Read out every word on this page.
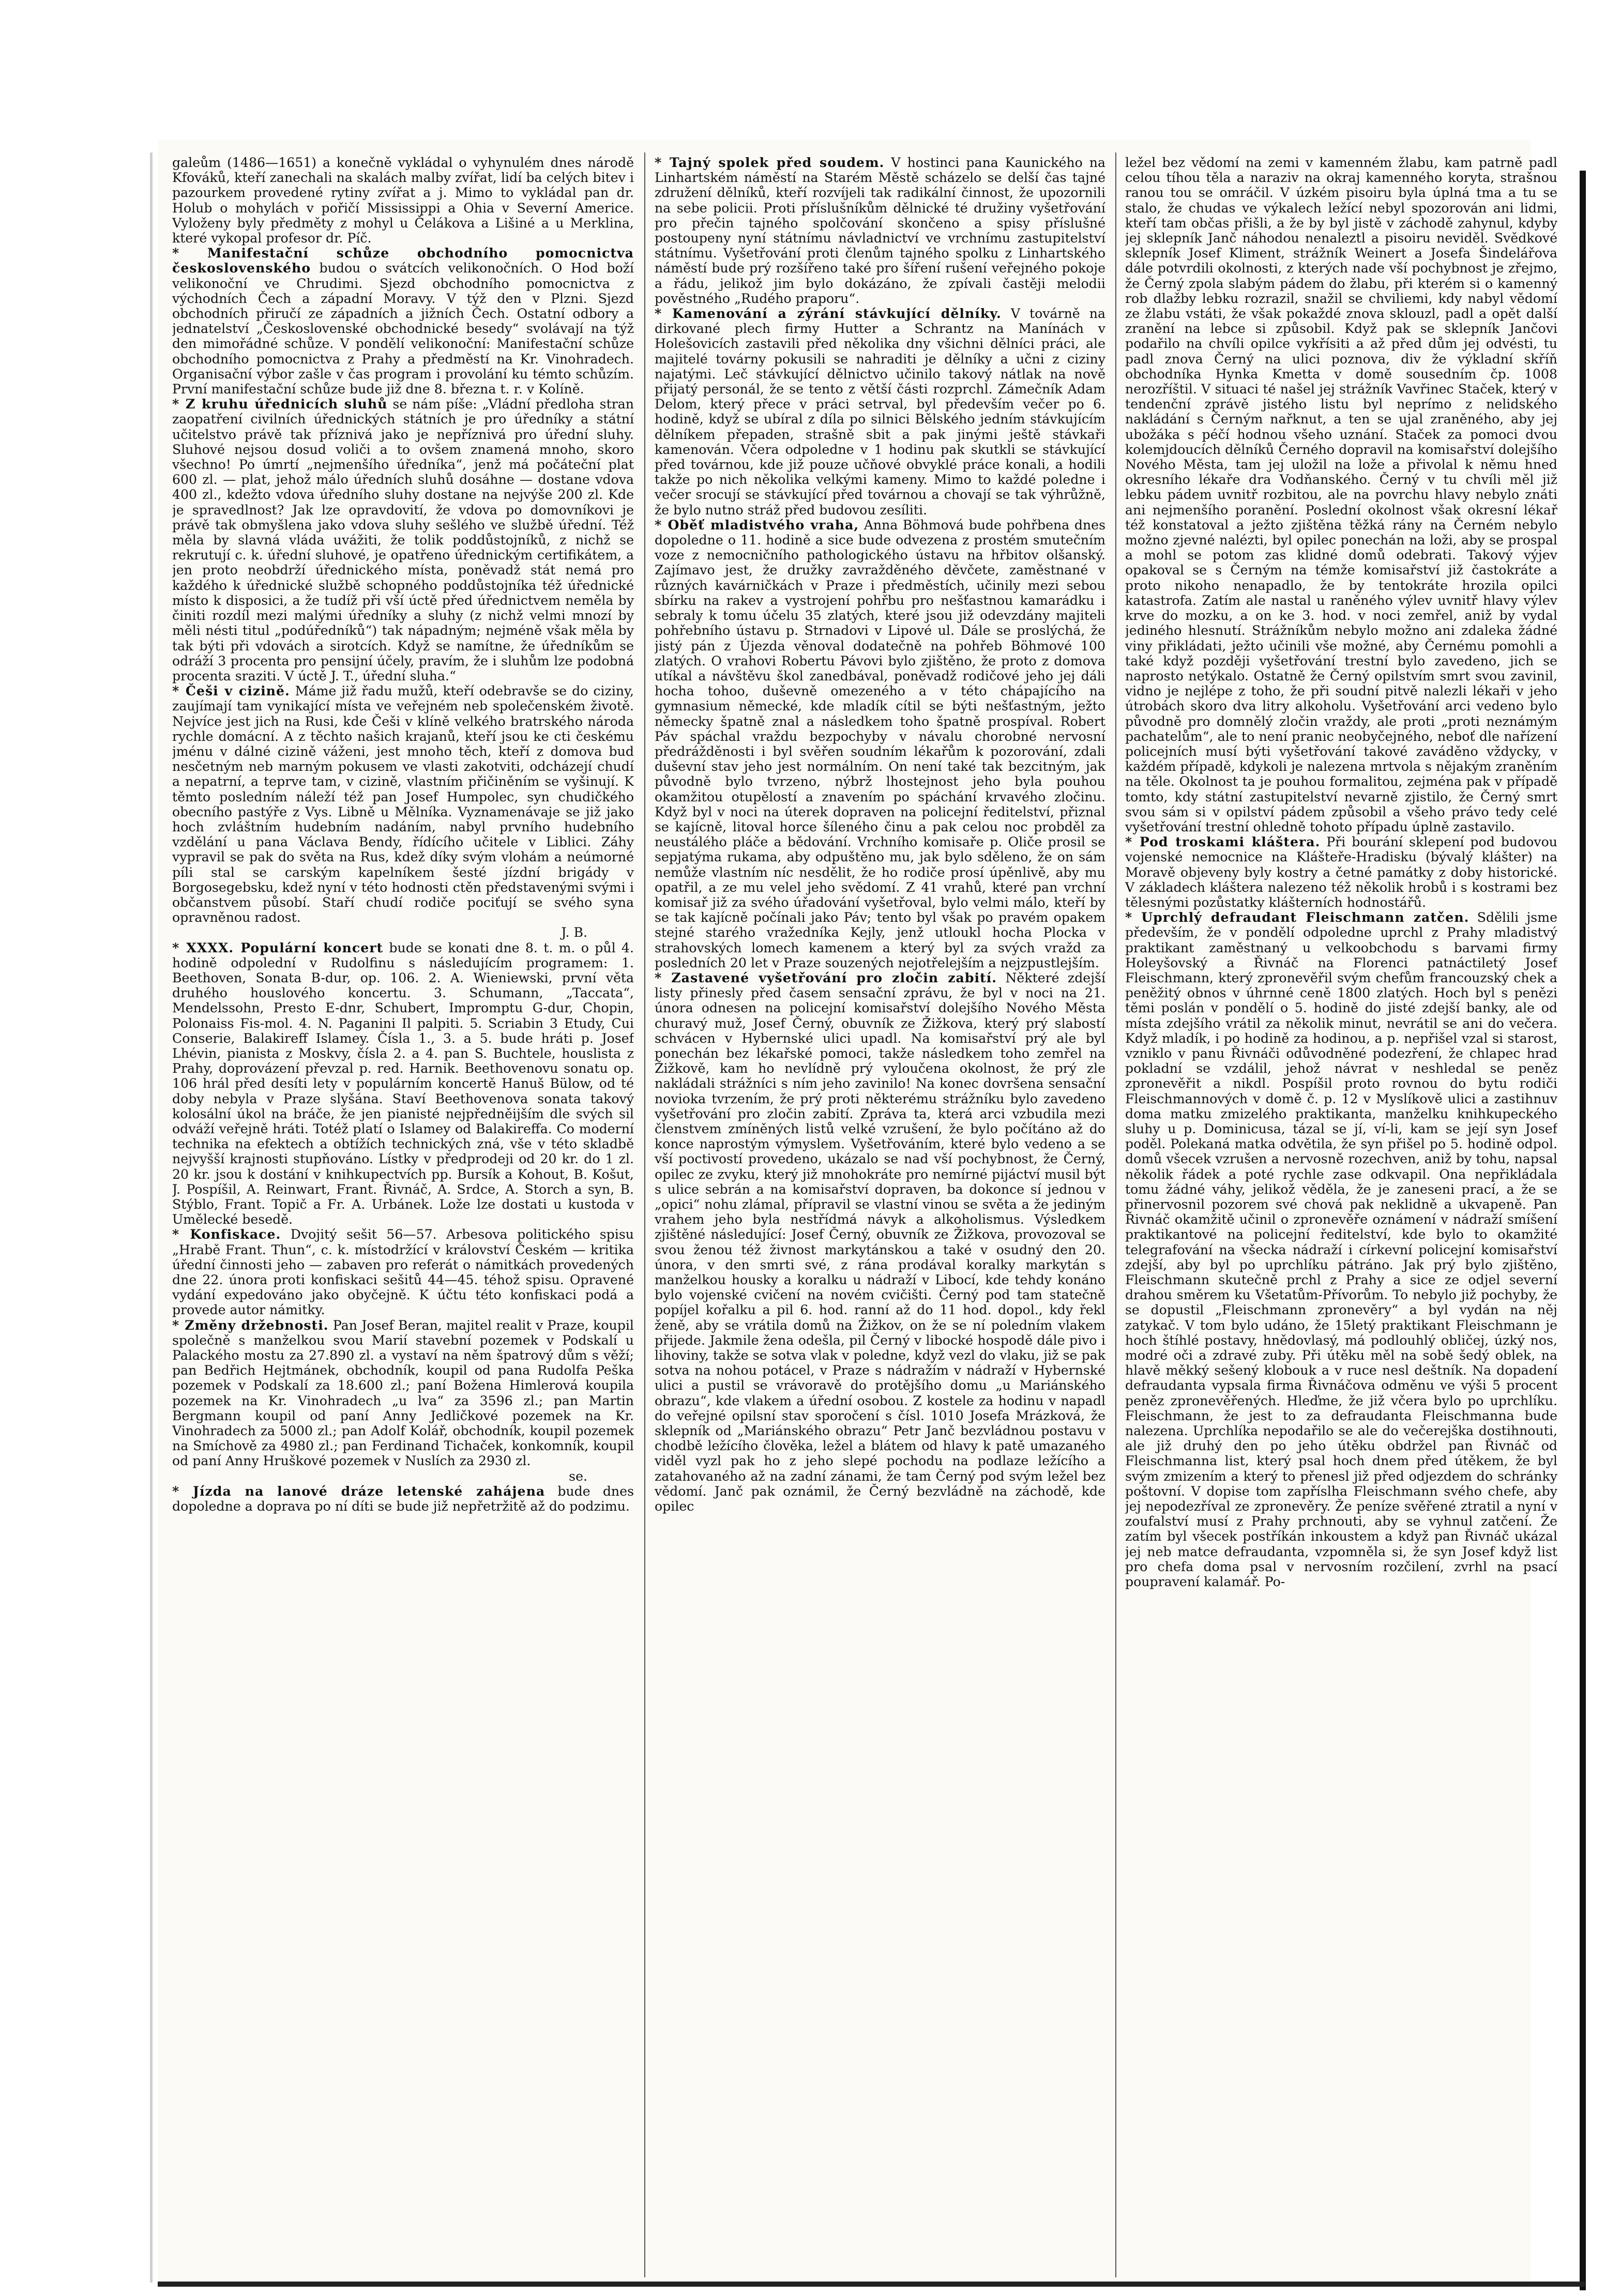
galeům (1486—1651) a konečně vykládal o vyhynulém dnes národě Kfováků, kteří zanechali na skalách malby zvířat, lidí ba celých bitev i pazourkem provedené rytiny zvířat a j. Mimo to vykládal pan dr. Holub o mohylách v pořičí Mississippi a Ohia v Severní Americe. Vyloženy byly předměty z mohyl u Čelákova a Lišiné a u Merklina, které vykopal profesor dr. Píč.

* Manifestační schůze obchodního pomocnictva československého budou o svátcích velikonočních. O Hod boží velikonoční ve Chrudimi. Sjezd obchodního pomocnictva z východních Čech a západní Moravy. V týž den v Plzni. Sjezd obchodních přiručí ze západních a jižních Čech. Ostatní odbory a jednatelství „Československé obchodnické besedy“ svolávají na týž den mimořádné schůze. V pondělí velikonoční: Manifestační schůze obchodního pomocnictva z Prahy a předměstí na Kr. Vinohradech. Organisační výbor zašle v čas program i provolání ku témto schůzím. První manifestační schůze bude již dne 8. března t. r. v Kolíně.

* Z kruhu úřednicích sluhů se nám píše: „Vládní předloha stran zaopatření civilních úřednických státních je pro úředníky a státní učitelstvo právě tak příznivá jako je nepříznivá pro úřední sluhy. Sluhové nejsou dosud voliči a to ovšem znamená mnoho, skoro všechno! Po úmrtí „nejmenšího úředníka“, jenž má počáteční plat 600 zl. — plat, jehož málo úředních sluhů dosáhne — dostane vdova 400 zl., kdežto vdova úředního sluhy dostane na nejvýše 200 zl. Kde je spravedlnost? Jak lze opravdovití, že vdova po domovníkovi je právě tak obmyšlena jako vdova sluhy sešlého ve službě úřední. Též měla by slavná vláda uvážiti, že tolik poddůstojníků, z nichž se rekrutují c. k. úřední sluhové, je opatřeno úřednickým certifikátem, a jen proto neobdrží úřednického místa, poněvadž stát nemá pro každého k úřednické službě schopného poddůstojníka též úřednické místo k disposici, a že tudíž při vší úctě před úřednictvem neměla by činiti rozdíl mezi malými úředníky a sluhy (z nichž velmi mnozí by měli nésti titul „podúředníků“) tak nápadným; nejméně však měla by tak býti při vdovách a sirotcích. Když se namítne, že úředníkům se odráží 3 procenta pro pensijní účely, pravím, že i sluhům lze podobná procenta sraziti. V úctě J. T., úřední sluha.“

* Češi v cizině. Máme již řadu mužů, kteří odebravše se do ciziny, zaujímají tam vynikající místa ve veřejném neb společenském životě. Nejvíce jest jich na Rusi, kde Češi v klíně velkého bratrského národa rychle domácní. A z těchto našich krajanů, kteří jsou ke cti českému jménu v dálné cizině váženi, jest mnoho těch, kteří z domova bud nesčetným neb marným pokusem ve vlasti zakotviti, odcházejí chudí a nepatrní, a teprve tam, v cizině, vlastním přičiněním se vyšinují. K těmto posledním náleží též pan Josef Humpolec, syn chudičkého obecního pastýře z Vys. Libně u Mělníka. Vyznamenávaje se již jako hoch zvláštním hudebním nadáním, nabyl prvního hudebního vzdělání u pana Václava Bendy, řídícího učitele v Liblici. Záhy vypravil se pak do světa na Rus, kdež díky svým vlohám a neúmorné píli stal se carským kapelníkem šesté jízdní brigády v Borgosegebsku, kdež nyní v této hodnosti ctěn představenými svými i občanstvem působí. Staří chudí rodiče pociťují se svého syna opravněnou radost.
J. B.

* XXXX. Populární koncert bude se konati dne 8. t. m. o půl 4. hodině odpolední v Rudolfinu s následujícím programem: 1. Beethoven, Sonata B-dur, op. 106. 2. A. Wieniewski, první věta druhého houslového koncertu. 3. Schumann, „Taccata“, Mendelssohn, Presto E-dnr, Schubert, Impromptu G-dur, Chopin, Polonaiss Fis-mol. 4. N. Paganini Il palpiti. 5. Scriabin 3 Etudy, Cui Conserie, Balakireff Islamey. Čísla 1., 3. a 5. bude hráti p. Josef Lhévin, pianista z Moskvy, čísla 2. a 4. pan S. Buchtele, houslista z Prahy, doprovázení převzal p. red. Harnik. Beethovenovu sonatu op. 106 hrál před desíti lety v populárním koncertě Hanuš Bülow, od té doby nebyla v Praze slyšána. Staví Beethovenova sonata takový kolosální úkol na bráče, že jen pianisté nejpředněijším dle svých sil odváží veřejně hráti. Totéž platí o Islamey od Balakireffa. Co moderní technika na efektech a obtížích technických zná, vše v této skladbě nejvyšší krajnosti stupňováno. Lístky v předprodeji od 20 kr. do 1 zl. 20 kr. jsou k dostání v knihkupectvích pp. Bursík a Kohout, B. Košut, J. Pospíšil, A. Reinwart, Frant. Řivnáč, A. Srdce, A. Storch a syn, B. Stýblo, Frant. Topič a Fr. A. Urbánek. Lože lze dostati u kustoda v Umělecké besedě.

* Konfiskace. Dvojitý sešit 56—57. Arbesova politického spisu „Hrabě Frant. Thun“, c. k. místodržící v království Českém — kritika úřední činnosti jeho — zabaven pro referát o námitkách provedených dne 22. února proti konfiskaci sešitů 44—45. téhož spisu. Opravené vydání expedováno jako obyčejně. K účtu této konfiskaci podá a provede autor námitky.

* Změny držebnosti. Pan Josef Beran, majitel realit v Praze, koupil společně s manželkou svou Marií stavební pozemek v Podskalí u Palackého mostu za 27.890 zl. a vystaví na něm špatrový dům s věží; pan Bedřich Hejtmánek, obchodník, koupil od pana Rudolfa Peška pozemek v Podskalí za 18.600 zl.; paní Božena Himlerová koupila pozemek na Kr. Vinohradech „u lva“ za 3596 zl.; pan Martin Bergmann koupil od paní Anny Jedličkové pozemek na Kr. Vinohradech za 5000 zl.; pan Adolf Kolář, obchodník, koupil pozemek na Smíchově za 4980 zl.; pan Ferdinand Tichaček, konkomník, koupil od paní Anny Hruškové pozemek v Nuslích za 2930 zl.
se.

* Jízda na lanové dráze letenské zahájena bude dnes dopoledne a doprava po ní díti se bude již nepřetržitě až do podzimu.

* Tajný spolek před soudem. V hostinci pana Kaunického na Linhartském náměstí na Starém Městě scházelo se delší čas tajné združení dělníků, kteří rozvíjeli tak radikální činnost, že upozornili na sebe policii. Proti příslušníkům dělnické té družiny vyšetřování pro přečin tajného spolčování skončeno a spisy příslušné postoupeny nyní státnímu návladnictví ve vrchnímu zastupitelství státnímu. Vyšetřování proti členům tajného spolku z Linhartského náměstí bude prý rozšířeno také pro šíření rušení veřejného pokoje a řádu, jelikož jim bylo dokázáno, že zpívali častěji melodii pověstného „Rudého praporu“.

* Kamenování a zýrání stávkující dělníky. V továrně na dirkované plech firmy Hutter a Schrantz na Manínách v Holešovicích zastavili před několika dny všichni dělníci práci, ale majitelé továrny pokusili se nahraditi je dělníky a učni z ciziny najatými. Leč stávkující dělnictvo učinilo takový nátlak na nově přijatý personál, že se tento z větší části rozprchl. Zámečník Adam Delom, který přece v práci setrval, byl především večer po 6. hodině, když se ubíral z díla po silnici Bělského jedním stávkujícím dělníkem přepaden, strašně sbit a pak jinými ještě stávkaři kamenován. Včera odpoledne v 1 hodinu pak skutkli se stávkující před továrnou, kde již pouze učňové obvyklé práce konali, a hodili takže po nich několika velkými kameny. Mimo to každé poledne i večer srocují se stávkující před továrnou a chovají se tak výhrůžně, že bylo nutno stráž před budovou zesíliti.

* Oběť mladistvého vraha, Anna Böhmová bude pohřbena dnes dopoledne o 11. hodině a sice bude odvezena z prostém smutečním voze z nemocničního pathologického ústavu na hřbitov olšanský. Zajímavo jest, že družky zavražděného děvčete, zaměstnané v různých kavárničkách v Praze i předměstích, učinily mezi sebou sbírku na rakev a vystrojení pohřbu pro nešťastnou kamarádku i sebraly k tomu účelu 35 zlatých, které jsou již odevzdány majiteli pohřebního ústavu p. Strnadovi v Lipové ul. Dále se proslýchá, že jistý pán z Újezda věnoval dodatečně na pohřeb Böhmové 100 zlatých. O vrahovi Robertu Pávovi bylo zjištěno, že proto z domova utíkal a návštěvu škol zanedbával, poněvadž rodičové jeho jej dáli hocha tohoo, duševně omezeného a v této chápajícího na gymnasium německé, kde mladík cítil se býti nešťastným, ježto německy špatně znal a následkem toho špatně prospíval. Robert Páv spáchal vraždu bezpochyby v návalu chorobné nervosní předrážděnosti i byl svěřen soudním lékařům k pozorování, zdali duševní stav jeho jest normálním. On není také tak bezcitným, jak původně bylo tvrzeno, nýbrž lhostejnost jeho byla pouhou okamžitou otupělostí a znavením po spáchání krvavého zločinu. Když byl v noci na úterek dopraven na policejní ředitelství, přiznal se kajícně, litoval horce šíleného činu a pak celou noc probděl za neustálého pláče a bědování. Vrchního komisaře p. Oliče prosil se sepjatýma rukama, aby odpuštěno mu, jak bylo sděleno, že on sám nemůže vlastním níc nesdělit, že ho rodiče prosí úpěnlivě, aby mu opatřil, a ze mu velel jeho svědomí. Z 41 vrahů, které pan vrchní komisař již za svého úřadování vyšetřoval, bylo velmi málo, kteří by se tak kajícně počínali jako Páv; tento byl však po pravém opakem stejné starého vražedníka Kejly, jenž utloukl hocha Plocka v strahovských lomech kamenem a který byl za svých vražd za posledních 20 let v Praze souzených nejotřelejším a nejzpustlejším.

* Zastavené vyšetřování pro zločin zabití. Některé zdejší listy přinesly před časem sensační zprávu, že byl v noci na 21. února odnesen na policejní komisařství dolejšího Nového Města churavý muž, Josef Černý, obuvník ze Žižkova, který prý slabostí schvácen v Hybernské ulici upadl. Na komisařství prý ale byl ponechán bez lékařské pomoci, takže následkem toho zemřel na Žižkově, kam ho nevlídně prý vyloučena okolnost, že prý zle nakládali strážníci s ním jeho zavinilo! Na konec dovršena sensační novioka tvrzením, že prý proti některému strážníku bylo zavedeno vyšetřování pro zločin zabití. Zpráva ta, která arci vzbudila mezi členstvem zmíněných listů velké vzrušení, že bylo počítáno až do konce naprostým výmyslem. Vyšetřováním, které bylo vedeno a se vší poctivostí provedeno, ukázalo se nad vší pochybnost, že Černý, opilec ze zvyku, který již mnohokráte pro nemírné pijáctví musil být s ulice sebrán a na komisařství dopraven, ba dokonce sí jednou v „opici“ nohu zlámal, přípravil se vlastní vinou se světa a že jediným vrahem jeho byla nestřídmá návyk a alkoholismus. Výsledkem zjištěné následující: Josef Černý, obuvník ze Žižkova, provozoval se svou ženou též živnost markytánskou a také v osudný den 20. února, v den smrti své, z rána prodával koralky markytán s manželkou housky a koralku u nádraží v Libocí, kde tehdy konáno bylo vojenské cvičení na novém cvičišti. Černý pod tam statečně popíjel kořalku a pil 6. hod. ranní až do 11 hod. dopol., kdy řekl ženě, aby se vrátila domů na Žižkov, on že se ní poledním vlakem přijede. Jakmile žena odešla, pil Černý v libocké hospodě dále pivo i lihoviny, takže se sotva vlak v poledne, když vezl do vlaku, již se pak sotva na nohou potácel, v Praze s nádražím v nádraží v Hybernské ulici a pustil se vrávoravě do protějšího domu „u Mariánského obrazu“, kde vlakem a úřední osobou. Z kostele za hodinu v napadl do veřejné opilsní stav sporočení s čísl. 1010 Josefa Mrázková, že sklepník od „Mariánského obrazu“ Petr Janč bezvládnou postavu v chodbě ležícího člověka, ležel a blátem od hlavy k patě umazaného viděl vyzl pak ho z jeho slepé pochodu na podlaze ležícího a zatahovaného až na zadní zánami, že tam Černý pod svým ležel bez vědomí. Janč pak oznámil, že Černý bezvládně na záchodě, kde opilec

ležel bez vědomí na zemi v kamenném žlabu, kam patrně padl celou tíhou těla a naraziv na okraj kamenného koryta, strašnou ranou tou se omráčil. V úzkém pisoiru byla úplná tma a tu se stalo, že chudas ve výkalech ležící nebyl spozorován ani lidmi, kteří tam občas přišli, a že by byl jistě v záchodě zahynul, kdyby jej sklepník Janč náhodou nenaleztl a pisoiru neviděl. Svědkové sklepník Josef Kliment, strážník Weinert a Josefa Šindelářova dále potvrdili okolnosti, z kterých nade vší pochybnost je zřejmo, že Černý zpola slabým pádem do žlabu, při kterém si o kamenný rob dlažby lebku rozrazil, snažil se chviliemi, kdy nabyl vědomí ze žlabu vstáti, že však pokaždé znova sklouzl, padl a opět další zranění na lebce si způsobil. Když pak se sklepník Jančovi podařilo na chvíli opilce vykřísiti a až před dům jej odvésti, tu padl znova Černý na ulici poznova, div že výkladní skříň obchodníka Hynka Kmetta v domě sousedním čp. 1008 nerozříštil. V situaci té našel jej strážník Vavřinec Staček, který v tendenční zprávě jistého listu byl neprímo z nelidského nakládání s Černým nařknut, a ten se ujal zraněného, aby jej ubožáka s péčí hodnou všeho uznání. Staček za pomoci dvou kolemjdoucích dělníků Černého dopravil na komisařství dolejšího Nového Města, tam jej uložil na lože a přivolal k němu hned okresního lékaře dra Vodňanského. Černý v tu chvíli měl již lebku pádem uvnitř rozbitou, ale na povrchu hlavy nebylo znáti ani nejmenšího poranění. Poslední okolnost však okresní lékař též konstatoval a ježto zjištěna těžká rány na Černém nebylo možno zjevné nalézti, byl opilec ponechán na loži, aby se prospal a mohl se potom zas klidné domů odebrati. Takový výjev opakoval se s Černým na témže komisařství již častokráte a proto nikoho nenapadlo, že by tentokráte hrozila opilci katastrofa. Zatím ale nastal u raněného výlev uvnitř hlavy výlev krve do mozku, a on ke 3. hod. v noci zemřel, aniž by vydal jediného hlesnutí. Strážníkům nebylo možno ani zdaleka žádné viny přikládati, ježto učinili vše možné, aby Černému pomohli a také když později vyšetřování trestní bylo zavedeno, jich se naprosto netýkalo. Ostatně že Černý opilstvím smrt svou zavinil, vidno je nejlépe z toho, že při soudní pitvě nalezli lékaři v jeho útrobách skoro dva litry alkoholu. Vyšetřování arci vedeno bylo původně pro domnělý zločin vraždy, ale proti „proti neznámým pachatelům“, ale to není pranic neobyčejného, neboť dle nařízení policejních musí býti vyšetřování takové zaváděno vždycky, v každém případě, kdykoli je nalezena mrtvola s nějakým zraněním na těle. Okolnost ta je pouhou formalitou, zejména pak v případě tomto, kdy státní zastupitelství nevarně zjistilo, že Černý smrt svou sám si v opilství pádem způsobil a všeho právo tedy celé vyšetřování trestní ohledně tohoto případu úplně zastavilo.

* Pod troskami kláštera. Při bourání sklepení pod budovou vojenské nemocnice na Klášteře-Hradisku (bývalý klášter) na Moravě objeveny byly kostry a četné památky z doby historické. V základech kláštera nalezeno též několik hrobů i s kostrami bez tělesnými pozůstatky klášterních hodnostářů.

* Uprchlý defraudant Fleischmann zatčen. Sdělili jsme především, že v pondělí odpoledne uprchl z Prahy mladistvý praktikant zaměstnaný u velkoobchodu s barvami firmy Holeyšovský a Řivnáč na Florenci patnáctiletý Josef Fleischmann, který zpronevěřil svým chefům francouzský chek a peněžitý obnos v úhrnné ceně 1800 zlatých. Hoch byl s penězi těmi poslán v pondělí o 5. hodině do jisté zdejší banky, ale od místa zdejšího vrátil za několik minut, nevrátil se ani do večera. Když mladík, i po hodině za hodinou, a p. nepřišel vzal si starost, vzniklo v panu Řivnáči odůvodněné podezření, že chlapec hrad pokladní se vzdálil, jehož návrat v neshledal se peněz zpronevěřit a nikdl. Pospíšil proto rovnou do bytu rodiči Fleischmannových v domě č. p. 12 v Myslíkově ulici a zastihnuv doma matku zmizelého praktikanta, manželku knihkupeckého sluhy u p. Dominicusa, tázal se jí, ví-li, kam se její syn Josef poděl. Polekaná matka odvětila, že syn přišel po 5. hodině odpol. domů všecek vzrušen a nervosně rozechven, aniž by tohu, napsal několik řádek a poté rychle zase odkvapil. Ona nepřikládala tomu žádné váhy, jelikož věděla, že je zaneseni prací, a že se přinervosnil pozorem své chová pak neklidně a ukvapeně. Pan Řivnáč okamžitě učinil o zpronevěře oznámení v nádraží smíšení praktikantové na policejní ředitelství, kde bylo to okamžité telegrafování na všecka nádraží i církevní policejní komisařství zdejší, aby byl po uprchlíku pátráno. Jak prý bylo zjištěno, Fleischmann skutečně prchl z Prahy a sice ze odjel severní drahou směrem ku Všetatům-Přívorům. To nebylo již pochyby, že se dopustil „Fleischmann zpronevěry“ a byl vydán na něj zatykač. V tom bylo udáno, že 15letý praktikant Fleischmann je hoch štíhlé postavy, hnědovlasý, má podlouhlý obličej, úzký nos, modré oči a zdravé zuby. Při útěku měl na sobě šedý oblek, na hlavě měkký sešený klobouk a v ruce nesl deštník. Na dopadení defraudanta vypsala firma Řivnáčova odměnu ve výši 5 procent peněz zpronevěřených. Hleďme, že již včera bylo po uprchlíku. Fleischmann, že jest to za defraudanta Fleischmanna bude nalezena. Uprchlíka nepodařilo se ale do večerejška dostihnouti, ale již druhý den po jeho útěku obdržel pan Řivnáč od Fleischmanna list, který psal hoch dnem před útěkem, že byl svým zmizením a který to přenesl již před odjezdem do schránky poštovní. V dopise tom zapříslha Fleischmann svého chefe, aby jej nepodezříval ze zpronevěry. Že peníze svěřené ztratil a nyní v zoufalství musí z Prahy prchnouti, aby se vyhnul zatčení. Že zatím byl všecek postříkán inkoustem a když pan Řivnáč ukázal jej neb matce defraudanta, vzpomněla si, že syn Josef když list pro chefa doma psal v nervosním rozčilení, zvrhl na psací poupravení kalamář. Po-
